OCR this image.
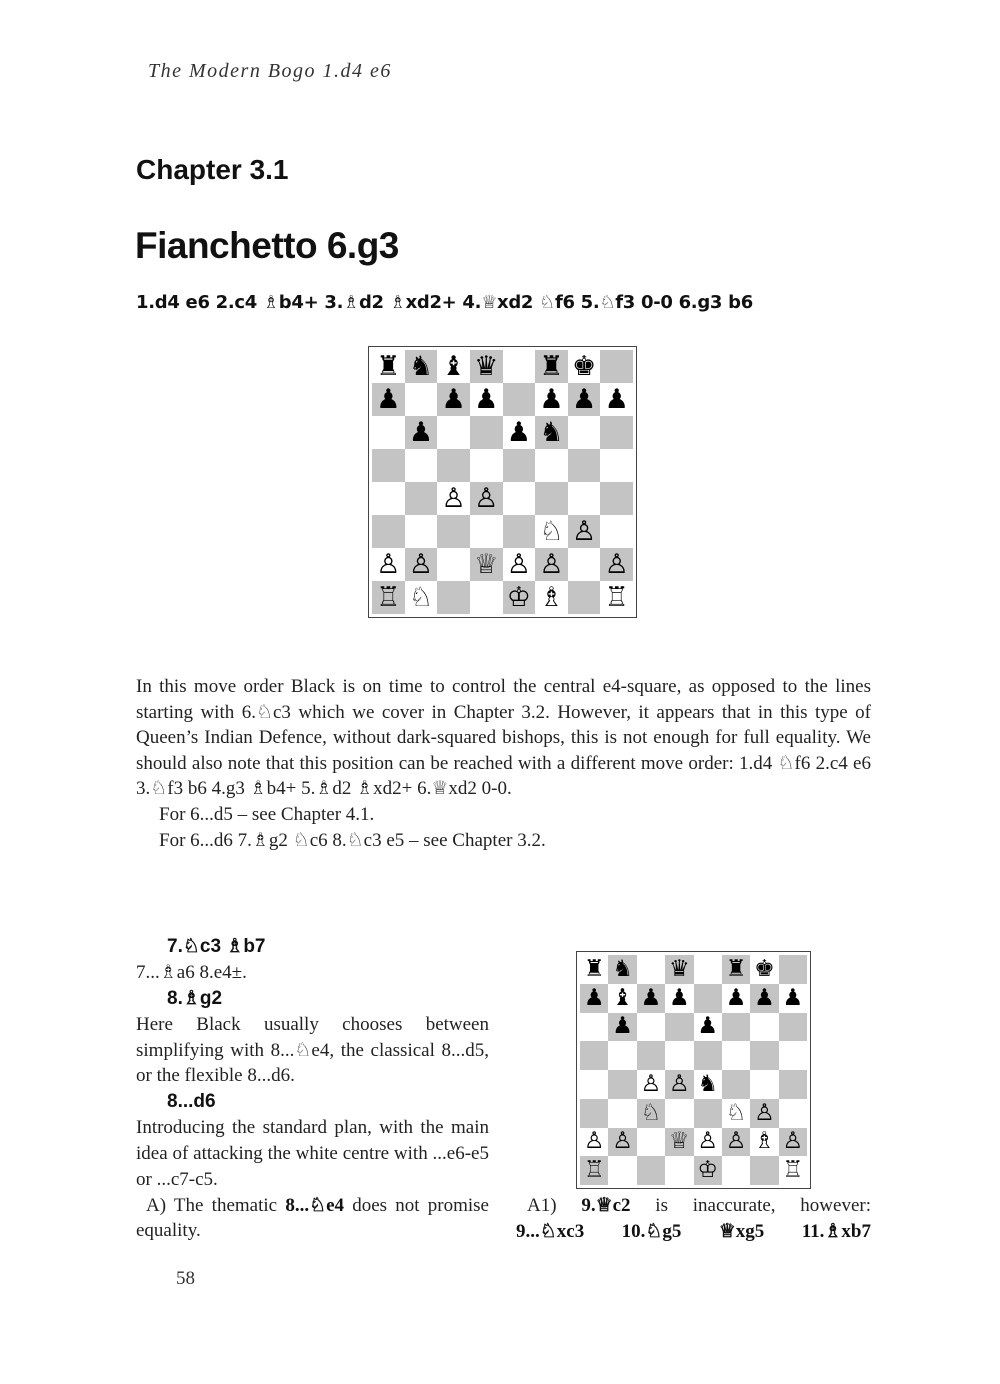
The Modern Bogo 1.d4 e6
Chapter 3.1
Fianchetto 6.g3
1.d4 e6 2.c4 ♗b4+ 3.♗d2 ♗xd2+ 4.♕xd2 ♘f6 5.♘f3 0-0 6.g3 b6
♜ ♞ ♝ ♛ ♜ ♚
♟ ♟ ♟ ♟ ♟ ♟
♟	♟ ♞
♙ ♙
♘ ♙
♙ ♙ ♕ ♙ ♙ ♙
♖ ♘	♔ ♗ ♖

In this move order Black is on time to control the central e4-square, as opposed to the lines starting with 6.♘c3 which we cover in Chapter 3.2. However, it appears that in this type of Queen’s Indian Defence, without dark-squared bishops, this is not enough for full equality. We should also note that this position can be reached with a different move order: 1.d4 ♘f6 2.c4 e6 3.♘f3 b6 4.g3 ♗b4+ 5.♗d2 ♗xd2+ 6.♕xd2 0-0.

For 6...d5 – see Chapter 4.1.

For 6...d6 7.♗g2 ♘c6 8.♘c3 e5 – see Chapter 3.2.

7.♘c3 ♗b7

7...♗a6 8.e4±.

8.♗g2

Here Black usually chooses between simplifying with 8...♘e4, the classical 8...d5, or the flexible 8...d6.

8...d6

Introducing the standard plan, with the main idea of attacking the white centre with ...e6-e5 or ...c7-c5.

A) The thematic 8...♘e4 does not promise equality.

♜ ♞ ♛ ♜ ♚
♟ ♝ ♟ ♟ ♟ ♟ ♟
♟	♟
♙ ♙ ♞
♘	♘ ♙
♙ ♙ ♕ ♙ ♙ ♗ ♙
♖	♔	♖

A1) 9.♕c2 is inaccurate, however:

9...♘xc3 10.♘g5 ♕xg5 11.♗xb7

58
